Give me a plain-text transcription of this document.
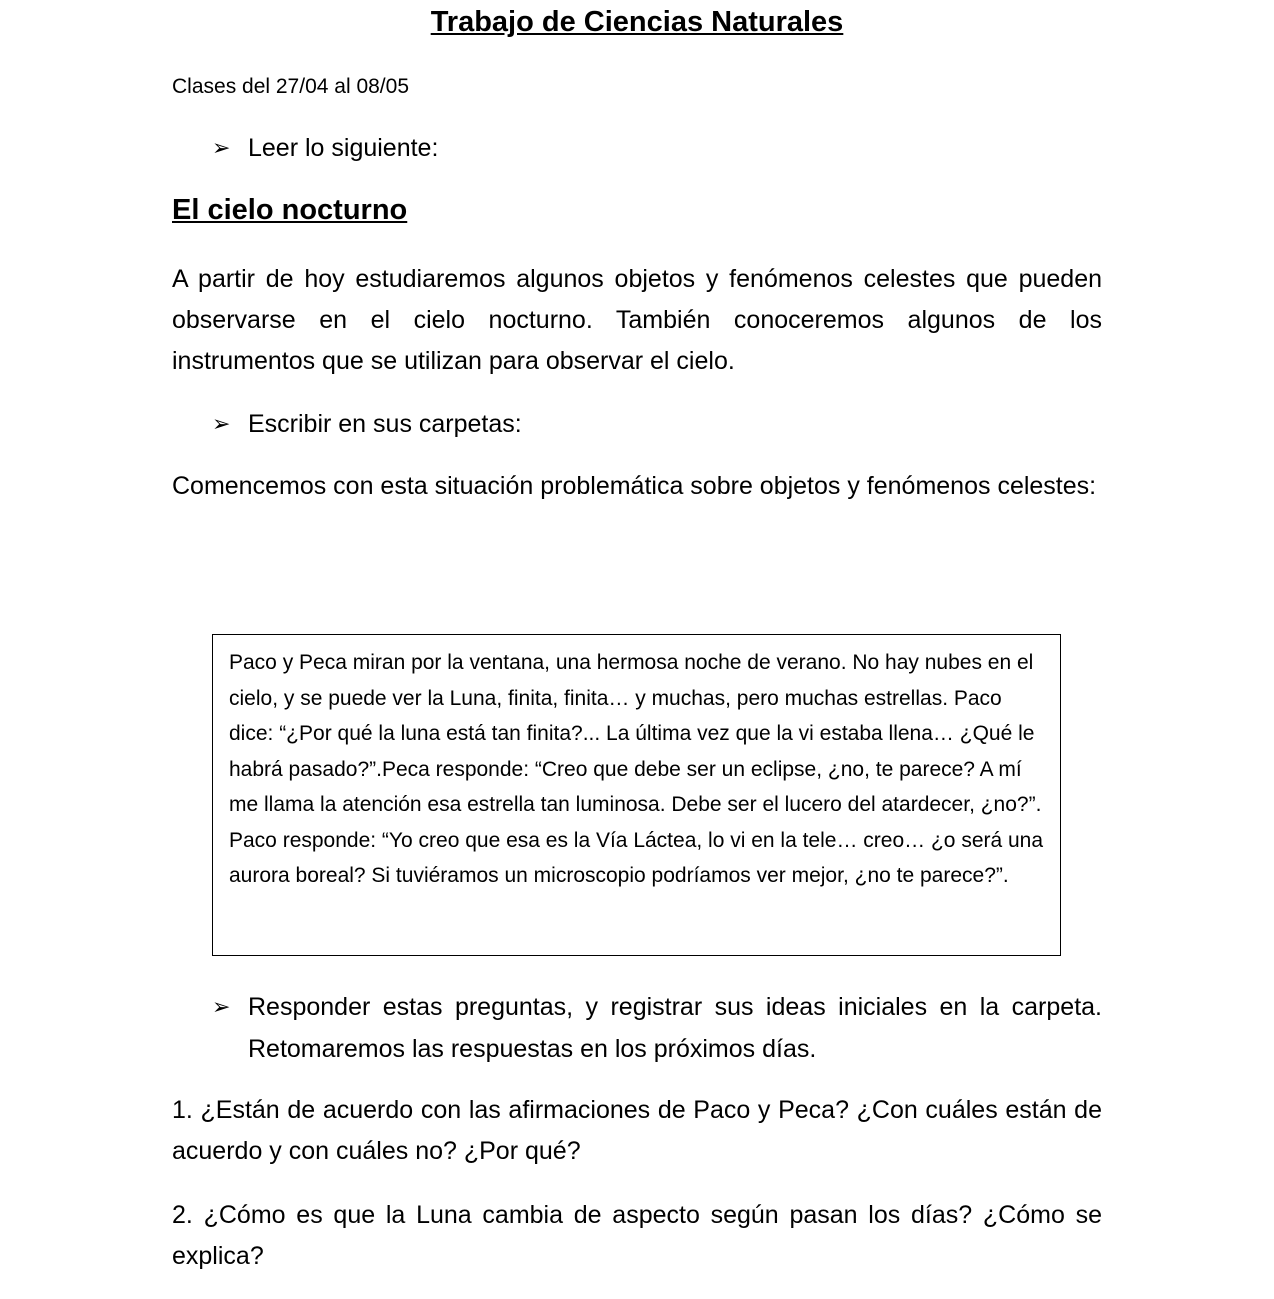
Trabajo de Ciencias Naturales

Clases del 27/04 al 08/05

➢ Leer lo siguiente:
El cielo nocturno

A partir de hoy estudiaremos algunos objetos y fenómenos celestes que pueden observarse en el cielo nocturno. También conoceremos algunos de los instrumentos que se utilizan para observar el cielo.

➢ Escribir en sus carpetas:

Comencemos con esta situación problemática sobre objetos y fenómenos celestes:

Paco y Peca miran por la ventana, una hermosa noche de verano. No hay nubes en el cielo, y se puede ver la Luna, finita, finita… y muchas, pero muchas estrellas. Paco dice: “¿Por qué la luna está tan finita?... La última vez que la vi estaba llena… ¿Qué le habrá pasado?”.Peca responde: “Creo que debe ser un eclipse, ¿no, te parece? A mí me llama la atención esa estrella tan luminosa. Debe ser el lucero del atardecer, ¿no?”. Paco responde: “Yo creo que esa es la Vía Láctea, lo vi en la tele… creo… ¿o será una aurora boreal? Si tuviéramos un microscopio podríamos ver mejor, ¿no te parece?”.

➢ Responder estas preguntas, y registrar sus ideas iniciales en la carpeta. Retomaremos las respuestas en los próximos días.

1. ¿Están de acuerdo con las afirmaciones de Paco y Peca? ¿Con cuáles están de acuerdo y con cuáles no? ¿Por qué?

2. ¿Cómo es que la Luna cambia de aspecto según pasan los días? ¿Cómo se explica?
